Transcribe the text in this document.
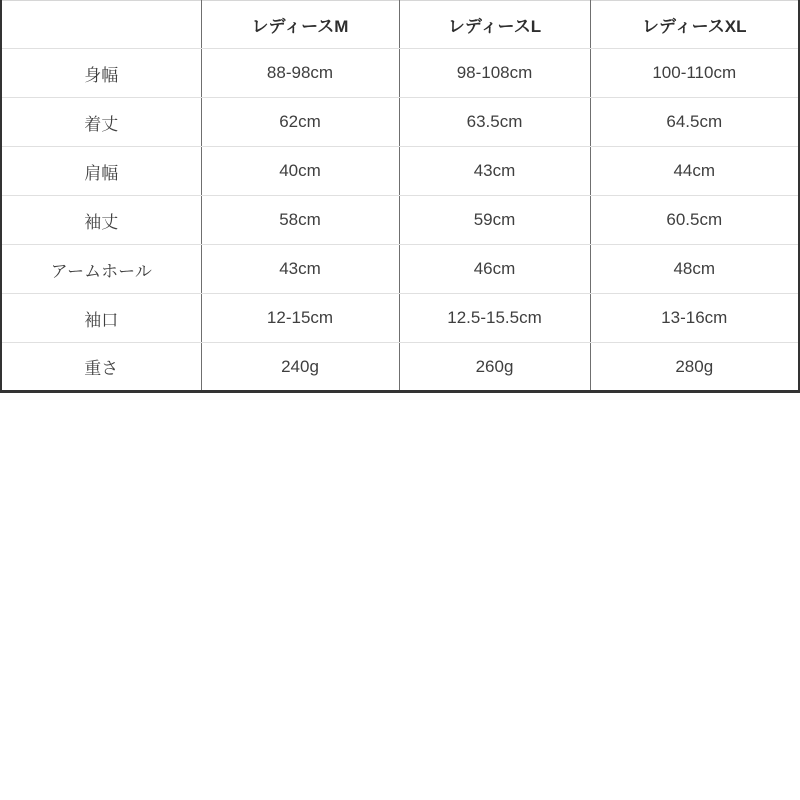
	レディースM	レディースL	レディースXL
身幅	88-98cm	98-108cm	100-110cm
着丈	62cm	63.5cm	64.5cm
肩幅	40cm	43cm	44cm
袖丈	58cm	59cm	60.5cm
アームホール	43cm	46cm	48cm
袖口	12-15cm	12.5-15.5cm	13-16cm
重さ	240g	260g	280g
